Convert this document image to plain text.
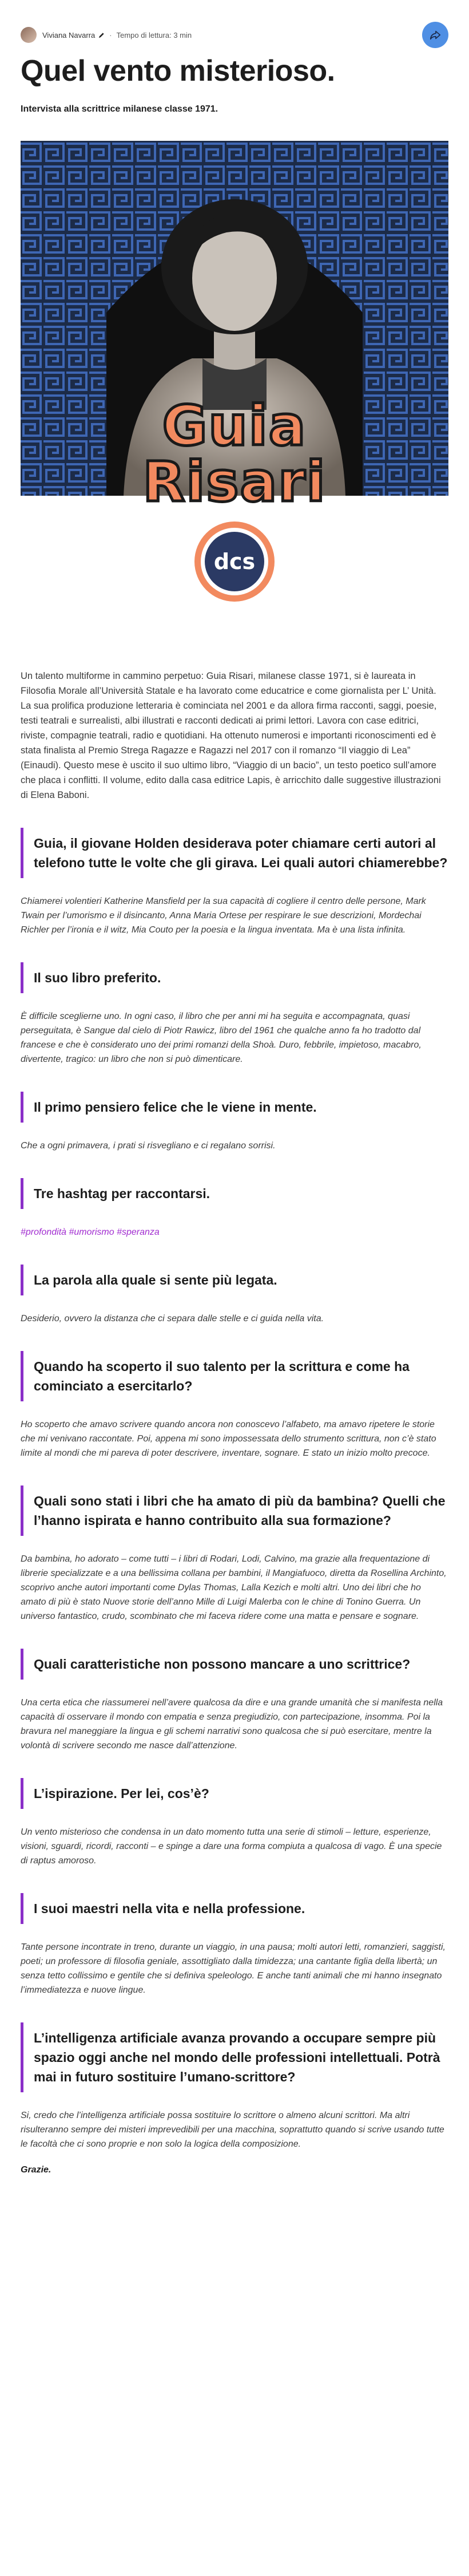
Viviana Navarra · Tempo di lettura: 3 min
Quel vento misterioso.

Intervista alla scrittrice milanese classe 1971.

Guia
Risari
dcs

Un talento multiforme in cammino perpetuo: Guia Risari, milanese classe 1971, si è laureata in Filosofia Morale all’Università Statale e ha lavorato come educatrice e come giornalista per L’ Unità. La sua prolifica produzione letteraria è cominciata nel 2001 e da allora firma racconti, saggi, poesie, testi teatrali e surrealisti, albi illustrati e racconti dedicati ai primi lettori. Lavora con case editrici, riviste, compagnie teatrali, radio e quotidiani. Ha ottenuto numerosi e importanti riconoscimenti ed è stata finalista al Premio Strega Ragazze e Ragazzi nel 2017 con il romanzo “Il viaggio di Lea” (Einaudi). Questo mese è uscito il suo ultimo libro, “Viaggio di un bacio”, un testo poetico sull’amore che placa i conflitti. Il volume, edito dalla casa editrice Lapis, è arricchito dalle suggestive illustrazioni di Elena Baboni.

Guia, il giovane Holden desiderava poter chiamare certi autori al telefono tutte le volte che gli girava. Lei quali autori chiamerebbe?

Chiamerei volentieri Katherine Mansfield per la sua capacità di cogliere il centro delle persone, Mark Twain per l’umorismo e il disincanto, Anna Maria Ortese per respirare le sue descrizioni, Mordechai Richler per l’ironia e il witz, Mia Couto per la poesia e la lingua inventata. Ma è una lista infinita.

Il suo libro preferito.

È difficile sceglierne uno. In ogni caso, il libro che per anni mi ha seguita e accompagnata, quasi perseguitata, è Sangue dal cielo di Piotr Rawicz, libro del 1961 che qualche anno fa ho tradotto dal francese e che è considerato uno dei primi romanzi della Shoà. Duro, febbrile, impietoso, macabro, divertente, tragico: un libro che non si può dimenticare.

Il primo pensiero felice che le viene in mente.

Che a ogni primavera, i prati si risvegliano e ci regalano sorrisi.

Tre hashtag per raccontarsi.

#profondità #umorismo #speranza

La parola alla quale si sente più legata.

Desiderio, ovvero la distanza che ci separa dalle stelle e ci guida nella vita.

Quando ha scoperto il suo talento per la scrittura e come ha cominciato a esercitarlo?

Ho scoperto che amavo scrivere quando ancora non conoscevo l’alfabeto, ma amavo ripetere le storie che mi venivano raccontate. Poi, appena mi sono impossessata dello strumento scrittura, non c’è stato limite al mondi che mi pareva di poter descrivere, inventare, sognare. E stato un inizio molto precoce.

Quali sono stati i libri che ha amato di più da bambina? Quelli che l’hanno ispirata e hanno contribuito alla sua formazione?

Da bambina, ho adorato – come tutti – i libri di Rodari, Lodi, Calvino, ma grazie alla frequentazione di librerie specializzate e a una bellissima collana per bambini, il Mangiafuoco, diretta da Rosellina Archinto, scoprivo anche autori importanti come Dylas Thomas, Lalla Kezich e molti altri. Uno dei libri che ho amato di più è stato Nuove storie dell’anno Mille di Luigi Malerba con le chine di Tonino Guerra. Un universo fantastico, crudo, scombinato che mi faceva ridere come una matta e pensare e sognare.

Quali caratteristiche non possono mancare a uno scrittrice?

Una certa etica che riassumerei nell’avere qualcosa da dire e una grande umanità che si manifesta nella capacità di osservare il mondo con empatia e senza pregiudizio, con partecipazione, insomma. Poi la bravura nel maneggiare la lingua e gli schemi narrativi sono qualcosa che si può esercitare, mentre la volontà di scrivere secondo me nasce dall’attenzione.

L’ispirazione. Per lei, cos’è?

Un vento misterioso che condensa in un dato momento tutta una serie di stimoli – letture, esperienze, visioni, sguardi, ricordi, racconti – e spinge a dare una forma compiuta a qualcosa di vago. È una specie di raptus amoroso.

I suoi maestri nella vita e nella professione.

Tante persone incontrate in treno, durante un viaggio, in una pausa; molti autori letti, romanzieri, saggisti, poeti; un professore di filosofia geniale, assottigliato dalla timidezza; una cantante figlia della libertà; un senza tetto collissimo e gentile che si definiva speleologo. E anche tanti animali che mi hanno insegnato l’immediatezza e nuove lingue.

L’intelligenza artificiale avanza provando a occupare sempre più spazio oggi anche nel mondo delle professioni intellettuali. Potrà mai in futuro sostituire l’umano-scrittore?

Si, credo che l’intelligenza artificiale possa sostituire lo scrittore o almeno alcuni scrittori. Ma altri risulteranno sempre dei misteri imprevedibili per una macchina, soprattutto quando si scrive usando tutte le facoltà che ci sono proprie e non solo la logica della composizione.

Grazie.
